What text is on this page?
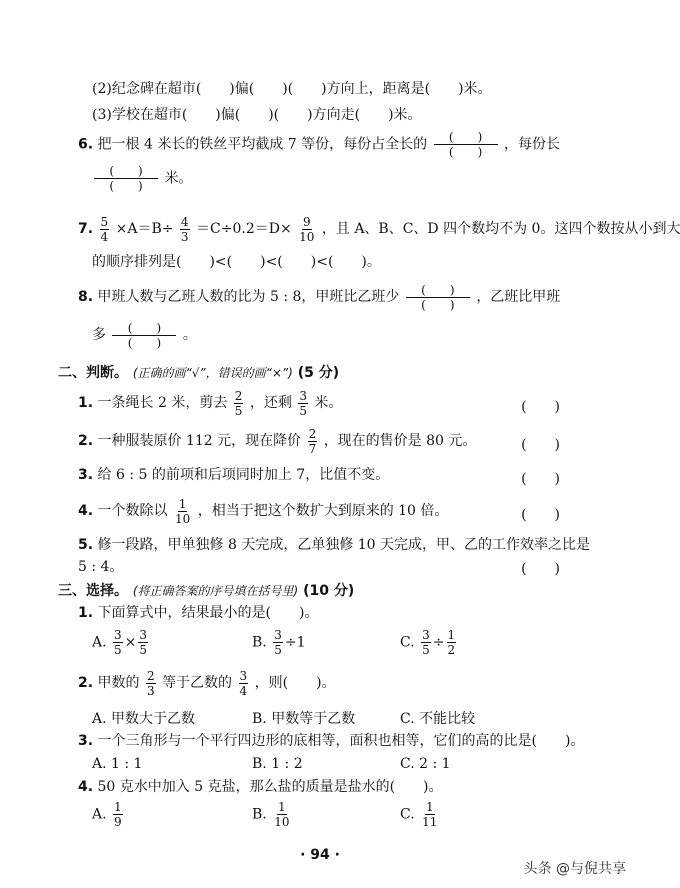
(2)纪念碑在超市(　　)偏(　　)(　　)方向上，距离是(　　)米。
(3)学校在超市(　　)偏(　　)(　　)方向走(　　)米。
6. 把一根 4 米长的铁丝平均截成 7 等份，每份占全长的 $\frac{( )}{( )}$ ，每份长
$\frac{( )}{( )}$ 米。
7. $\frac{5}{4} \times A=B\div \frac{4}{3} =C\div 0.2=D\times \frac{9}{10}$ ，且 A、B、C、D 四个数均不为 0。这四个数按从小到大
的顺序排列是(　　)<(　　)<(　　)<(　　)。
8. 甲班人数与乙班人数的比为 5 : 8，甲班比乙班少 $\frac{( )}{( )}$ ，乙班比甲班
多 $\frac{( )}{( )}$ 。
二、判断。 (正确的画“√”，错误的画“×”) (5 分)
1. 一条绳长 2 米，剪去 $\frac{2}{5}$ ，还剩 $\frac{3}{5}$ 米。	(　　)
2. 一种服装原价 112 元，现在降价 $\frac{2}{7}$ ，现在的售价是 80 元。	(　　)
3. 给 6 : 5 的前项和后项同时加上 7，比值不变。	(　　)
4. 一个数除以 $\frac{1}{10}$ ，相当于把这个数扩大到原来的 10 倍。	(　　)
5. 修一段路，甲单独修 8 天完成，乙单独修 10 天完成，甲、乙的工作效率之比是
5 : 4。	(　　)
三、选择。 (将正确答案的序号填在括号里) (10 分)
1. 下面算式中，结果最小的是(　　)。
A. $\frac{3}{5} \times \frac{3}{5}$	B. $\frac{3}{5} \div 1$	C. $\frac{3}{5} \div \frac{1}{2}$
2. 甲数的 $\frac{2}{3}$ 等于乙数的 $\frac{3}{4}$ ，则(　　)。
A. 甲数大于乙数	B. 甲数等于乙数	C. 不能比较
3. 一个三角形与一个平行四边形的底相等，面积也相等，它们的高的比是(　　)。
A. 1 : 1	B. 1 : 2	C. 2 : 1
4. 50 克水中加入 5 克盐，那么盐的质量是盐水的(　　)。
A. $\frac{1}{9}$	B. $\frac{1}{10}$	C. $\frac{1}{11}$
· 94 ·
头条 @与倪共享
